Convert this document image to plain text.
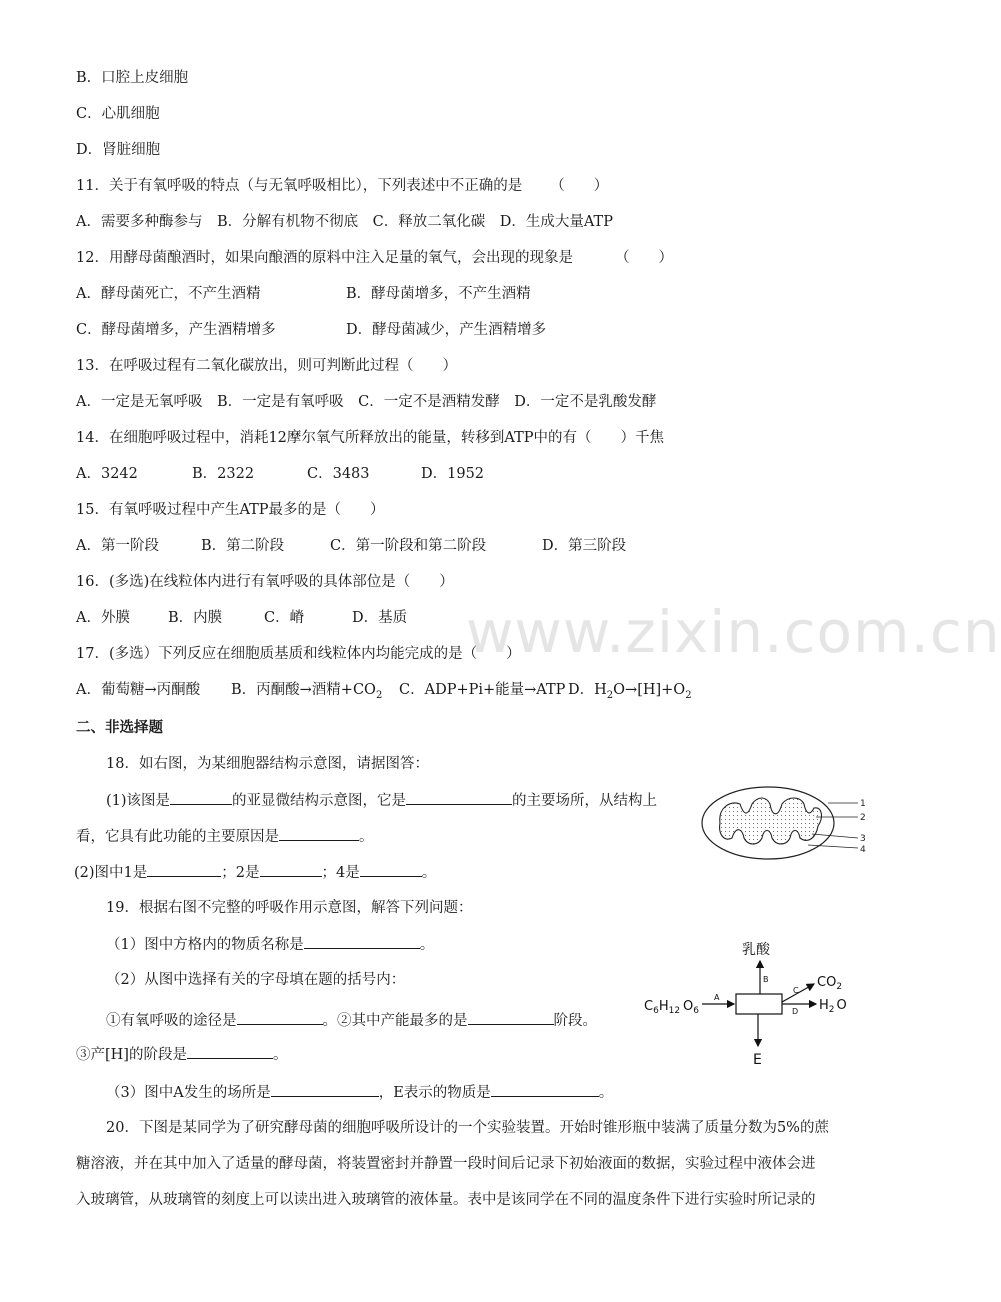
www.zixin.com.cn
B．口腔上皮细胞
C．心肌细胞
D．肾脏细胞
11．关于有氧呼吸的特点（与无氧呼吸相比），下列表述中不正确的是 （　　）
A．需要多种酶参与　B．分解有机物不彻底　C．释放二氧化碳　D．生成大量ATP
12．用酵母菌酿酒时，如果向酿酒的原料中注入足量的氧气，会出现的现象是	（　　）
A．酵母菌死亡，不产生酒精	B．酵母菌增多，不产生酒精
C．酵母菌增多，产生酒精增多	D．酵母菌减少，产生酒精增多
13．在呼吸过程有二氧化碳放出，则可判断此过程（　　）
A．一定是无氧呼吸　B．一定是有氧呼吸　C．一定不是酒精发酵　D．一定不是乳酸发酵
14．在细胞呼吸过程中，消耗12摩尔氧气所释放出的能量，转移到ATP中的有（　　）千焦
A．3242	B．2322	C．3483	D．1952
15．有氧呼吸过程中产生ATP最多的是（　　）
A．第一阶段	B．第二阶段	C．第一阶段和第二阶段	D．第三阶段
16．(多选)在线粒体内进行有氧呼吸的具体部位是（　　）
A．外膜	B．内膜	C．嵴	D．基质
17．(多选）下列反应在细胞质基质和线粒体内均能完成的是（　　）
A．葡萄糖→丙酮酸 B．丙酮酸→酒精$+CO_2$ C．ADP+Pi+能量→ATP D．$H_2O\to[H]+O_2$
二、非选择题
18．如右图，为某细胞器结构示意图，请据图答：
(1)该图是	的亚显微结构示意图，它是	的主要场所，从结构上
看，它具有此功能的主要原因是	。
(2)图中1是	；2是	；4是	。
19．根据右图不完整的呼吸作用示意图，解答下列问题：
（1）图中方格内的物质名称是	。
（2）从图中选择有关的字母填在题的括号内：
①有氧呼吸的途径是	。②其中产能最多的是	阶段。
③产[H]的阶段是	。
（3）图中A发生的场所是	，E表示的物质是	。
20．下图是某同学为了研究酵母菌的细胞呼吸所设计的一个实验装置。开始时锥形瓶中装满了质量分数为5%的蔗
糖溶液，并在其中加入了适量的酵母菌，将装置密封并静置一段时间后记录下初始液面的数据，实验过程中液体会进
入玻璃管，从玻璃管的刻度上可以读出进入玻璃管的液体量。表中是该同学在不同的温度条件下进行实验时所记录的
1
2
3
4
乳酸
B
$C_6H_{12}$ $O_6$
A
C
$CO_2$
D $H_2$ O
E
